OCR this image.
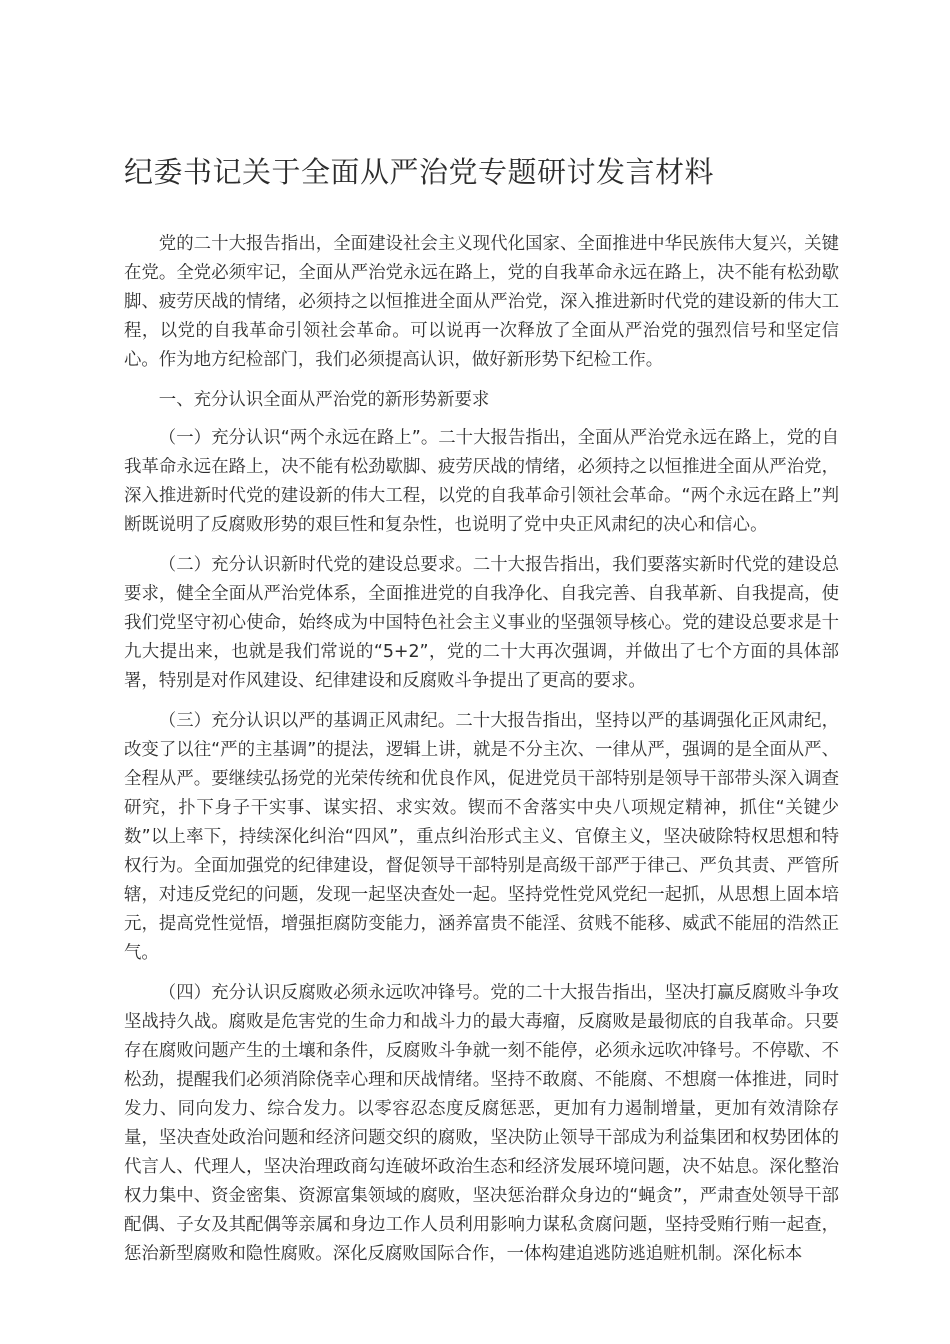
纪委书记关于全面从严治党专题研讨发言材料

党的二十大报告指出，全面建设社会主义现代化国家、全面推进中华民族伟大复兴，关键在党。全党必须牢记，全面从严治党永远在路上，党的自我革命永远在路上，决不能有松劲歇脚、疲劳厌战的情绪，必须持之以恒推进全面从严治党，深入推进新时代党的建设新的伟大工程，以党的自我革命引领社会革命。可以说再一次释放了全面从严治党的强烈信号和坚定信心。作为地方纪检部门，我们必须提高认识，做好新形势下纪检工作。

一、充分认识全面从严治党的新形势新要求

（一）充分认识“两个永远在路上”。二十大报告指出，全面从严治党永远在路上，党的自我革命永远在路上，决不能有松劲歇脚、疲劳厌战的情绪，必须持之以恒推进全面从严治党，深入推进新时代党的建设新的伟大工程，以党的自我革命引领社会革命。“两个永远在路上”判断既说明了反腐败形势的艰巨性和复杂性，也说明了党中央正风肃纪的决心和信心。

（二）充分认识新时代党的建设总要求。二十大报告指出，我们要落实新时代党的建设总要求，健全全面从严治党体系，全面推进党的自我净化、自我完善、自我革新、自我提高，使我们党坚守初心使命，始终成为中国特色社会主义事业的坚强领导核心。党的建设总要求是十九大提出来，也就是我们常说的“5+2”，党的二十大再次强调，并做出了七个方面的具体部署，特别是对作风建设、纪律建设和反腐败斗争提出了更高的要求。

（三）充分认识以严的基调正风肃纪。二十大报告指出，坚持以严的基调强化正风肃纪，改变了以往“严的主基调”的提法，逻辑上讲，就是不分主次、一律从严，强调的是全面从严、全程从严。要继续弘扬党的光荣传统和优良作风，促进党员干部特别是领导干部带头深入调查研究，扑下身子干实事、谋实招、求实效。锲而不舍落实中央八项规定精神，抓住“关键少数”以上率下，持续深化纠治“四风”，重点纠治形式主义、官僚主义，坚决破除特权思想和特权行为。全面加强党的纪律建设，督促领导干部特别是高级干部严于律己、严负其责、严管所辖，对违反党纪的问题，发现一起坚决查处一起。坚持党性党风党纪一起抓，从思想上固本培元，提高党性觉悟，增强拒腐防变能力，涵养富贵不能淫、贫贱不能移、威武不能屈的浩然正气。

（四）充分认识反腐败必须永远吹冲锋号。党的二十大报告指出，坚决打赢反腐败斗争攻坚战持久战。腐败是危害党的生命力和战斗力的最大毒瘤，反腐败是最彻底的自我革命。只要存在腐败问题产生的土壤和条件，反腐败斗争就一刻不能停，必须永远吹冲锋号。不停歇、不松劲，提醒我们必须消除侥幸心理和厌战情绪。坚持不敢腐、不能腐、不想腐一体推进，同时发力、同向发力、综合发力。以零容忍态度反腐惩恶，更加有力遏制增量，更加有效清除存量，坚决查处政治问题和经济问题交织的腐败，坚决防止领导干部成为利益集团和权势团体的代言人、代理人，坚决治理政商勾连破坏政治生态和经济发展环境问题，决不姑息。深化整治权力集中、资金密集、资源富集领域的腐败，坚决惩治群众身边的“蝇贪”，严肃查处领导干部配偶、子女及其配偶等亲属和身边工作人员利用影响力谋私贪腐问题，坚持受贿行贿一起查，惩治新型腐败和隐性腐败。深化反腐败国际合作，一体构建追逃防逃追赃机制。深化标本
